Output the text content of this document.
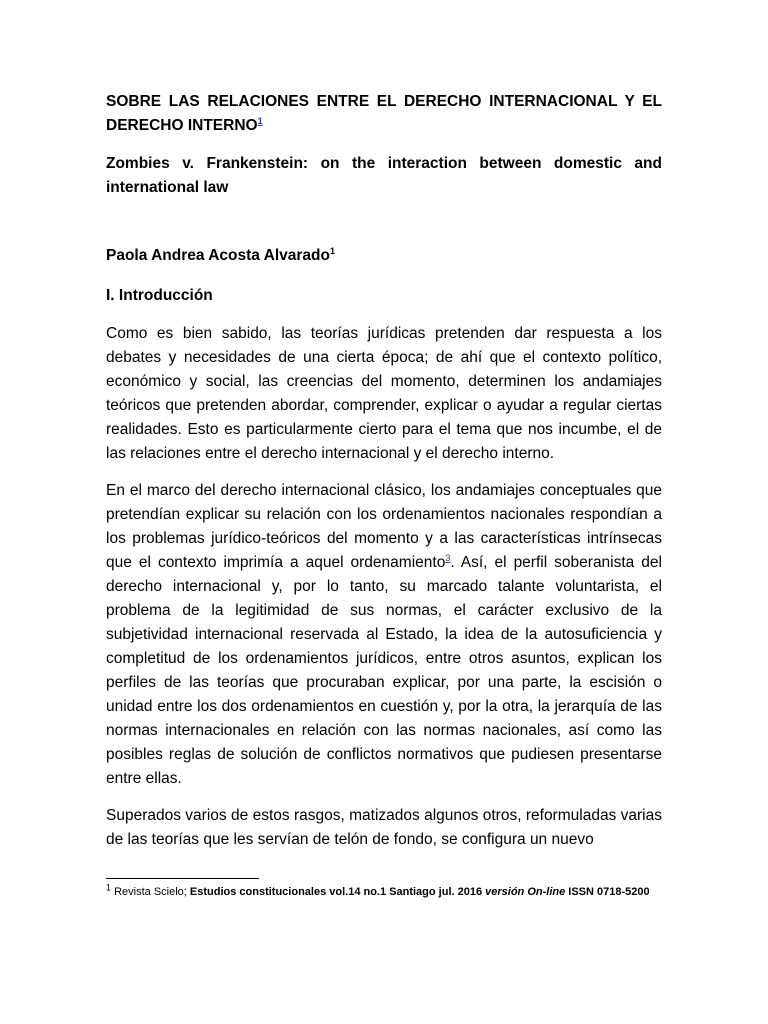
SOBRE LAS RELACIONES ENTRE EL DERECHO INTERNACIONAL Y EL DERECHO INTERNO$^1$
Zombies v. Frankenstein: on the interaction between domestic and international law
Paola Andrea Acosta Alvarado$^1$
I. Introducción

Como es bien sabido, las teorías jurídicas pretenden dar respuesta a los debates y necesidades de una cierta época; de ahí que el contexto político, económico y social, las creencias del momento, determinen los andamiajes teóricos que pretenden abordar, comprender, explicar o ayudar a regular ciertas realidades. Esto es particularmente cierto para el tema que nos incumbe, el de las relaciones entre el derecho internacional y el derecho interno.

En el marco del derecho internacional clásico, los andamiajes conceptuales que pretendían explicar su relación con los ordenamientos nacionales respondían a los problemas jurídico-teóricos del momento y a las características intrínsecas que el contexto imprimía a aquel ordenamiento$^3$. Así, el perfil soberanista del derecho internacional y, por lo tanto, su marcado talante voluntarista, el problema de la legitimidad de sus normas, el carácter exclusivo de la subjetividad internacional reservada al Estado, la idea de la autosuficiencia y completitud de los ordenamientos jurídicos, entre otros asuntos, explican los perfiles de las teorías que procuraban explicar, por una parte, la escisión o unidad entre los dos ordenamientos en cuestión y, por la otra, la jerarquía de las normas internacionales en relación con las normas nacionales, así como las posibles reglas de solución de conflictos normativos que pudiesen presentarse entre ellas.

Superados varios de estos rasgos, matizados algunos otros, reformuladas varias de las teorías que les servían de telón de fondo, se configura un nuevo

$^1$ Revista Scielo; Estudios constitucionales vol.14 no.1 Santiago jul. 2016 versión On-line ISSN 0718-5200
